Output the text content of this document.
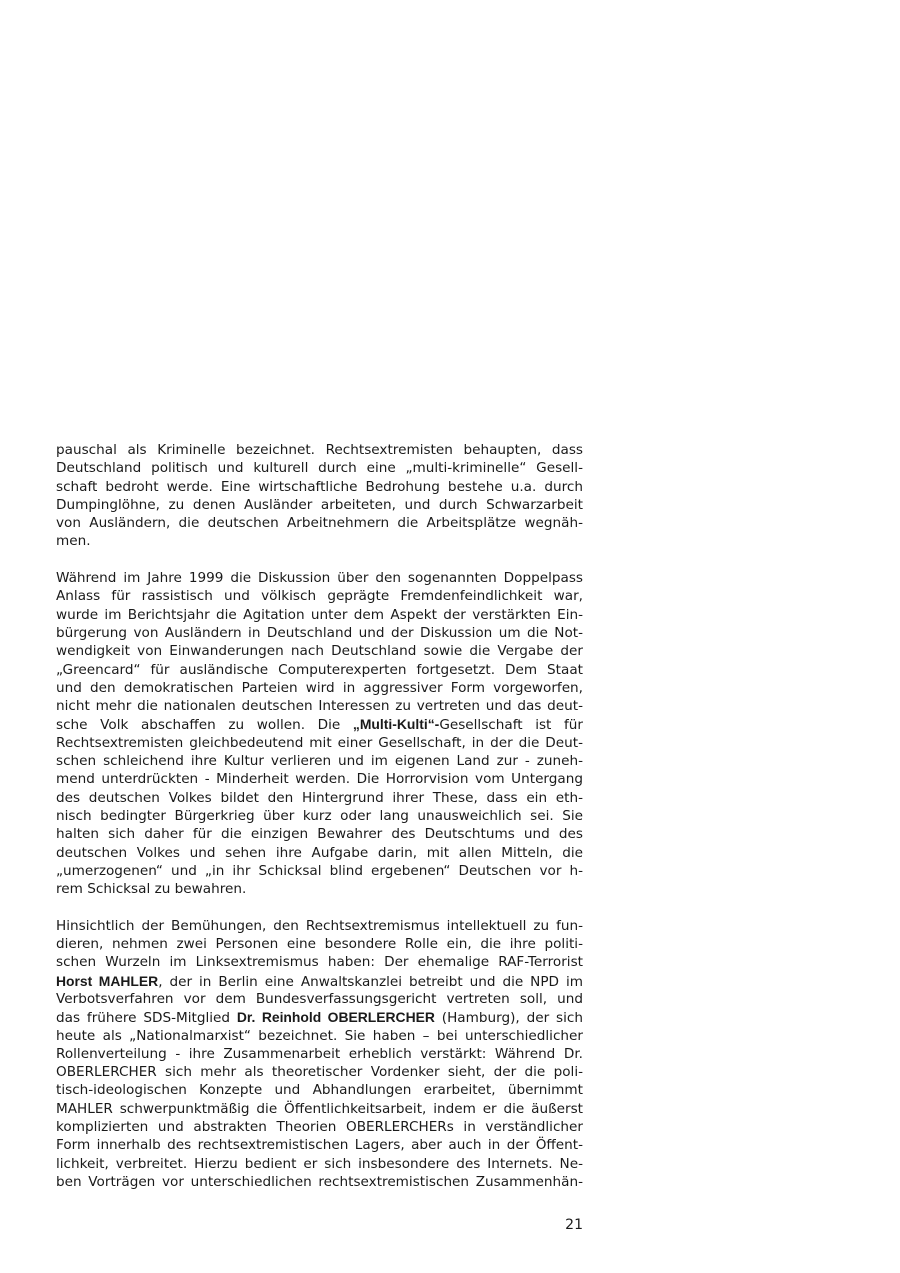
pauschal als Kriminelle bezeichnet. Rechtsextremisten behaupten, dass
Deutschland politisch und kulturell durch eine „multi-kriminelle“ Gesell-
schaft bedroht werde. Eine wirtschaftliche Bedrohung bestehe u.a. durch
Dumpinglöhne, zu denen Ausländer arbeiteten, und durch Schwarzarbeit
von Ausländern, die deutschen Arbeitnehmern die Arbeitsplätze wegnäh-
men.
Während im Jahre 1999 die Diskussion über den sogenannten Doppelpass
Anlass für rassistisch und völkisch geprägte Fremdenfeindlichkeit war,
wurde im Berichtsjahr die Agitation unter dem Aspekt der verstärkten Ein-
bürgerung von Ausländern in Deutschland und der Diskussion um die Not-
wendigkeit von Einwanderungen nach Deutschland sowie die Vergabe der
„Greencard“ für ausländische Computerexperten fortgesetzt. Dem Staat
und den demokratischen Parteien wird in aggressiver Form vorgeworfen,
nicht mehr die nationalen deutschen Interessen zu vertreten und das deut-
sche Volk abschaffen zu wollen. Die „Multi-Kulti“-Gesellschaft ist für
Rechtsextremisten gleichbedeutend mit einer Gesellschaft, in der die Deut-
schen schleichend ihre Kultur verlieren und im eigenen Land zur - zuneh-
mend unterdrückten - Minderheit werden. Die Horrorvision vom Untergang
des deutschen Volkes bildet den Hintergrund ihrer These, dass ein eth-
nisch bedingter Bürgerkrieg über kurz oder lang unausweichlich sei. Sie
halten sich daher für die einzigen Bewahrer des Deutschtums und des
deutschen Volkes und sehen ihre Aufgabe darin, mit allen Mitteln, die
„umerzogenen“ und „in ihr Schicksal blind ergebenen“ Deutschen vor h-
rem Schicksal zu bewahren.
Hinsichtlich der Bemühungen, den Rechtsextremismus intellektuell zu fun-
dieren, nehmen zwei Personen eine besondere Rolle ein, die ihre politi-
schen Wurzeln im Linksextremismus haben: Der ehemalige RAF-Terrorist
Horst MAHLER, der in Berlin eine Anwaltskanzlei betreibt und die NPD im
Verbotsverfahren vor dem Bundesverfassungsgericht vertreten soll, und
das frühere SDS-Mitglied Dr. Reinhold OBERLERCHER (Hamburg), der sich
heute als „Nationalmarxist“ bezeichnet. Sie haben – bei unterschiedlicher
Rollenverteilung - ihre Zusammenarbeit erheblich verstärkt: Während Dr.
OBERLERCHER sich mehr als theoretischer Vordenker sieht, der die poli-
tisch-ideologischen Konzepte und Abhandlungen erarbeitet, übernimmt
MAHLER schwerpunktmäßig die Öffentlichkeitsarbeit, indem er die äußerst
komplizierten und abstrakten Theorien OBERLERCHERs in verständlicher
Form innerhalb des rechtsextremistischen Lagers, aber auch in der Öffent-
lichkeit, verbreitet. Hierzu bedient er sich insbesondere des Internets. Ne-
ben Vorträgen vor unterschiedlichen rechtsextremistischen Zusammenhän-
21
